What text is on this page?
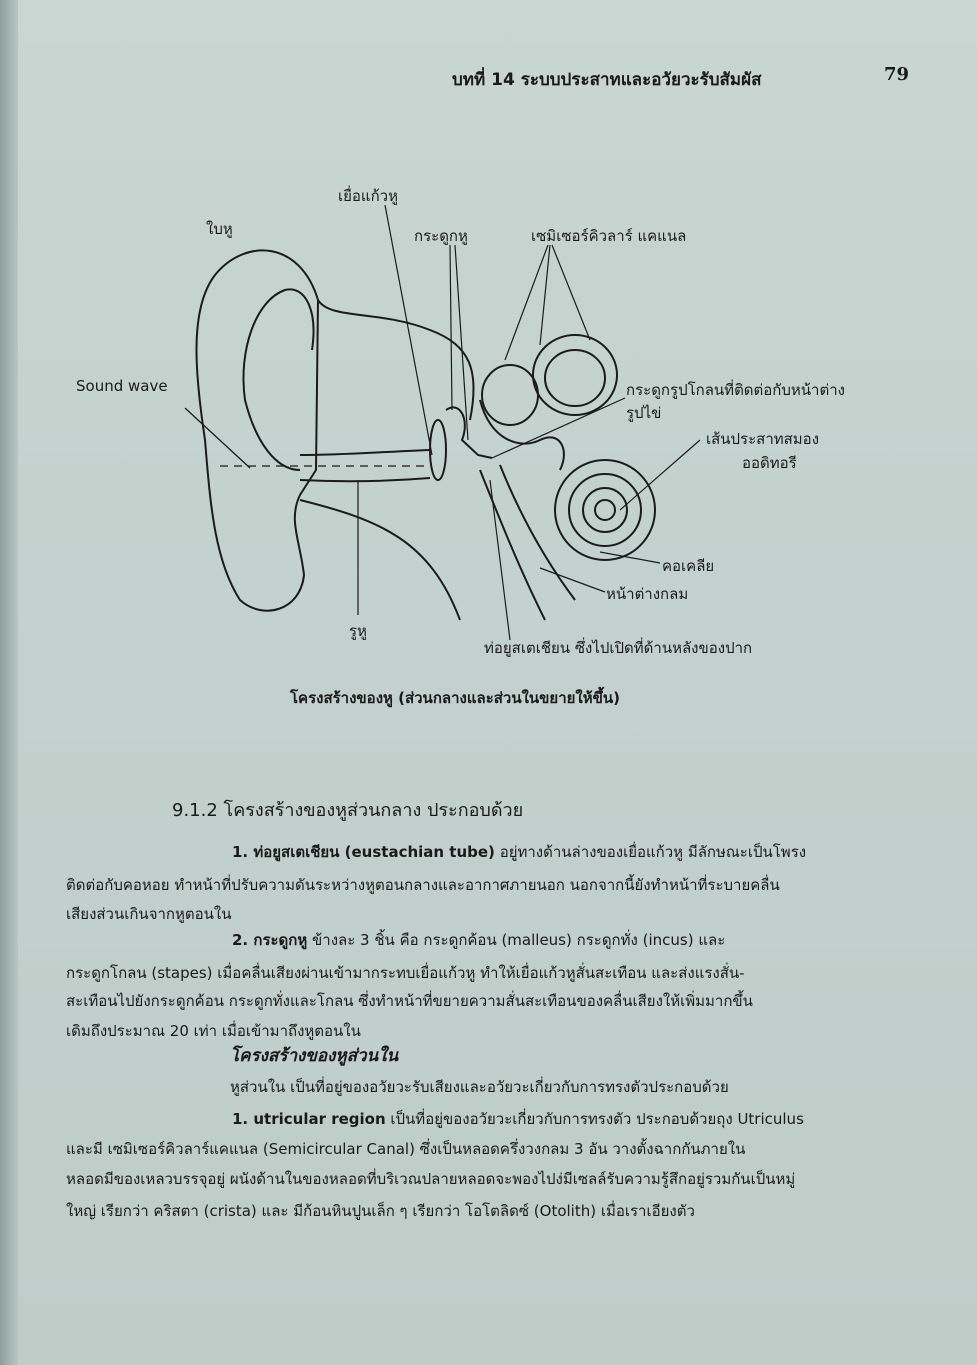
บทที่ 14 ระบบประสาทและอวัยวะรับสัมผัส	79
เยื่อแก้วหู
ใบหู	กระดูกหู	เซมิเซอร์คิวลาร์ แคแนล
Sound wave	กระดูกรูปโกลนที่ติดต่อกับหน้าต่าง
รูปไข่
เส้นประสาทสมอง
ออดิทอรี
คอเคลีย
หน้าต่างกลม
รูหู
ท่อยูสเตเชียน ซึ่งไปเปิดที่ด้านหลังของปาก
โครงสร้างของหู (ส่วนกลางและส่วนในขยายให้ขึ้น)
9.1.2 โครงสร้างของหูส่วนกลาง ประกอบด้วย
1. ท่อยูสเตเชียน (eustachian tube) อยู่ทางด้านล่างของเยื่อแก้วหู มีลักษณะเป็นโพรง
ติดต่อกับคอหอย ทำหน้าที่ปรับความดันระหว่างหูตอนกลางและอากาศภายนอก นอกจากนี้ยังทำหน้าที่ระบายคลื่น
เสียงส่วนเกินจากหูตอนใน
2. กระดูกหู ข้างละ 3 ชิ้น คือ กระดูกค้อน (malleus) กระดูกทั่ง (incus) และ
กระดูกโกลน (stapes) เมื่อคลื่นเสียงผ่านเข้ามากระทบเยื่อแก้วหู ทำให้เยื่อแก้วหูสั่นสะเทือน และส่งแรงสั่น-
สะเทือนไปยังกระดูกค้อน กระดูกทั่งและโกลน ซึ่งทำหน้าที่ขยายความสั่นสะเทือนของคลื่นเสียงให้เพิ่มมากขึ้น
เดิมถึงประมาณ 20 เท่า เมื่อเข้ามาถึงหูตอนใน
โครงสร้างของหูส่วนใน
หูส่วนใน เป็นที่อยู่ของอวัยวะรับเสียงและอวัยวะเกี่ยวกับการทรงตัวประกอบด้วย
1. utricular region เป็นที่อยู่ของอวัยวะเกี่ยวกับการทรงตัว ประกอบด้วยถุง Utriculus
และมี เซมิเซอร์คิวลาร์แคแนล (Semicircular Canal) ซึ่งเป็นหลอดครึ่งวงกลม 3 อัน วางตั้งฉากกันภายใน
หลอดมีของเหลวบรรจุอยู่ ผนังด้านในของหลอดที่บริเวณปลายหลอดจะพองไปง่มีเซลล์รับความรู้สึกอยู่รวมกันเป็นหมู่
ใหญ่ เรียกว่า คริสตา (crista) และ มีก้อนหินปูนเล็ก ๆ เรียกว่า โอโตลิดซ์ (Otolith) เมื่อเราเอียงตัว
